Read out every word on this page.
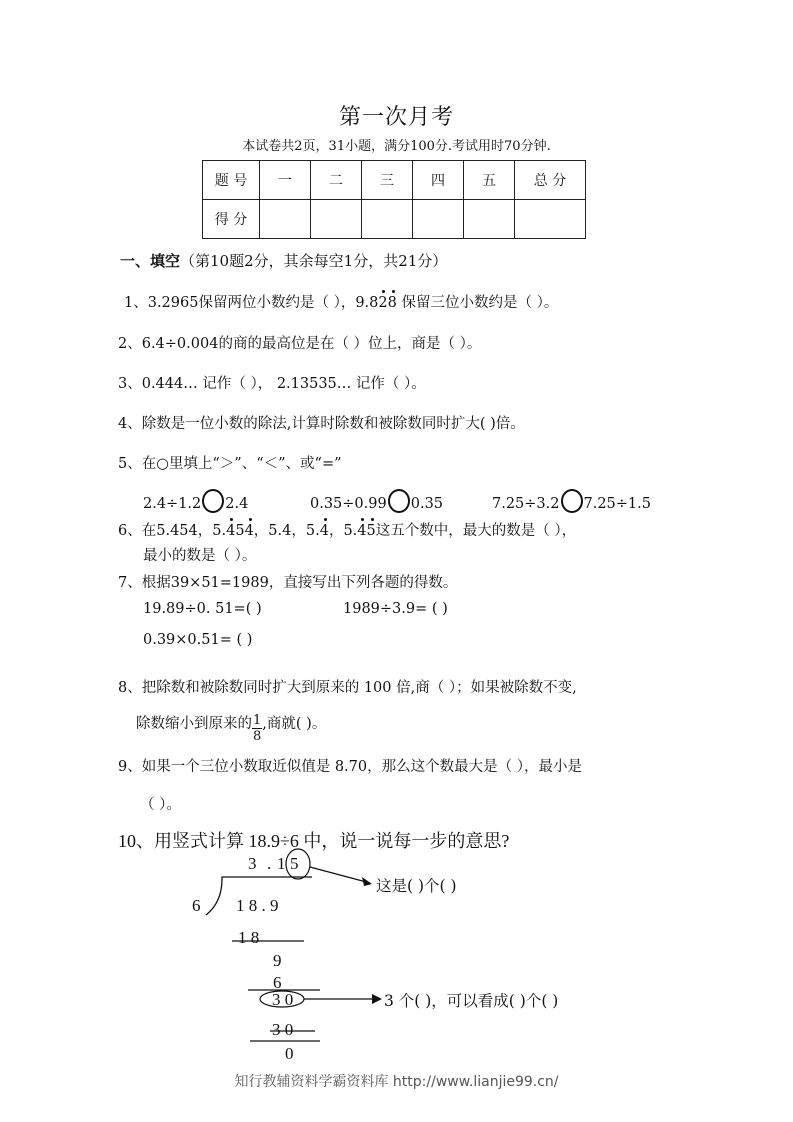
第一次月考
本试卷共2页，31小题，满分100分.考试用时70分钟.
题 号	一	二	三	四	五	总 分
得 分						
一、填空（第10题2分，其余每空1分，共21分）
1、3.2965保留两位小数约是（ ），9.8
2
8 保留三位小数约是（ ）。
2、6.4÷0.004的商的最高位是在（ ）位上，商是（ ）。
3、0.444… 记作（ ）， 2.13535… 记作（ ）。
4、除数是一位小数的除法,计算时除数和被除数同时扩大( )倍。
5、在○里填上“＞”、“＜”、或“=”
2.4÷1.2 2.4	0.35÷0.99 0.35	7.25÷3.2 7.25÷1.5
6、在5.454，5.
45
4，5.4，5.
4，5.
4
5这五个数中，最大的数是（ ），
最小的数是（ ）。
7、根据39×51=1989，直接写出下列各题的得数。
19.89÷0. 51=( )	1989÷3.9= ( )
0.39×0.51= ( )
8、把除数和被除数同时扩大到原来的 100 倍,商（ ）；如果被除数不变,
除数缩小到原来的 $\frac{1}{8}$ ,商就( )。
9、如果一个三位小数取近似值是 8.70，那么这个数最大是（ ），最小是
（ ）。
10、用竖式计算 18.9÷6 中，说一说每一步的意思?
3 . 1 5
6 1 8 . 9
1 8
9
6
3 0
3 0
0
这是( )个( )
3 个( )，可以看成( )个( )
知行教辅资料学霸资料库 http://www.lianjie99.cn/
